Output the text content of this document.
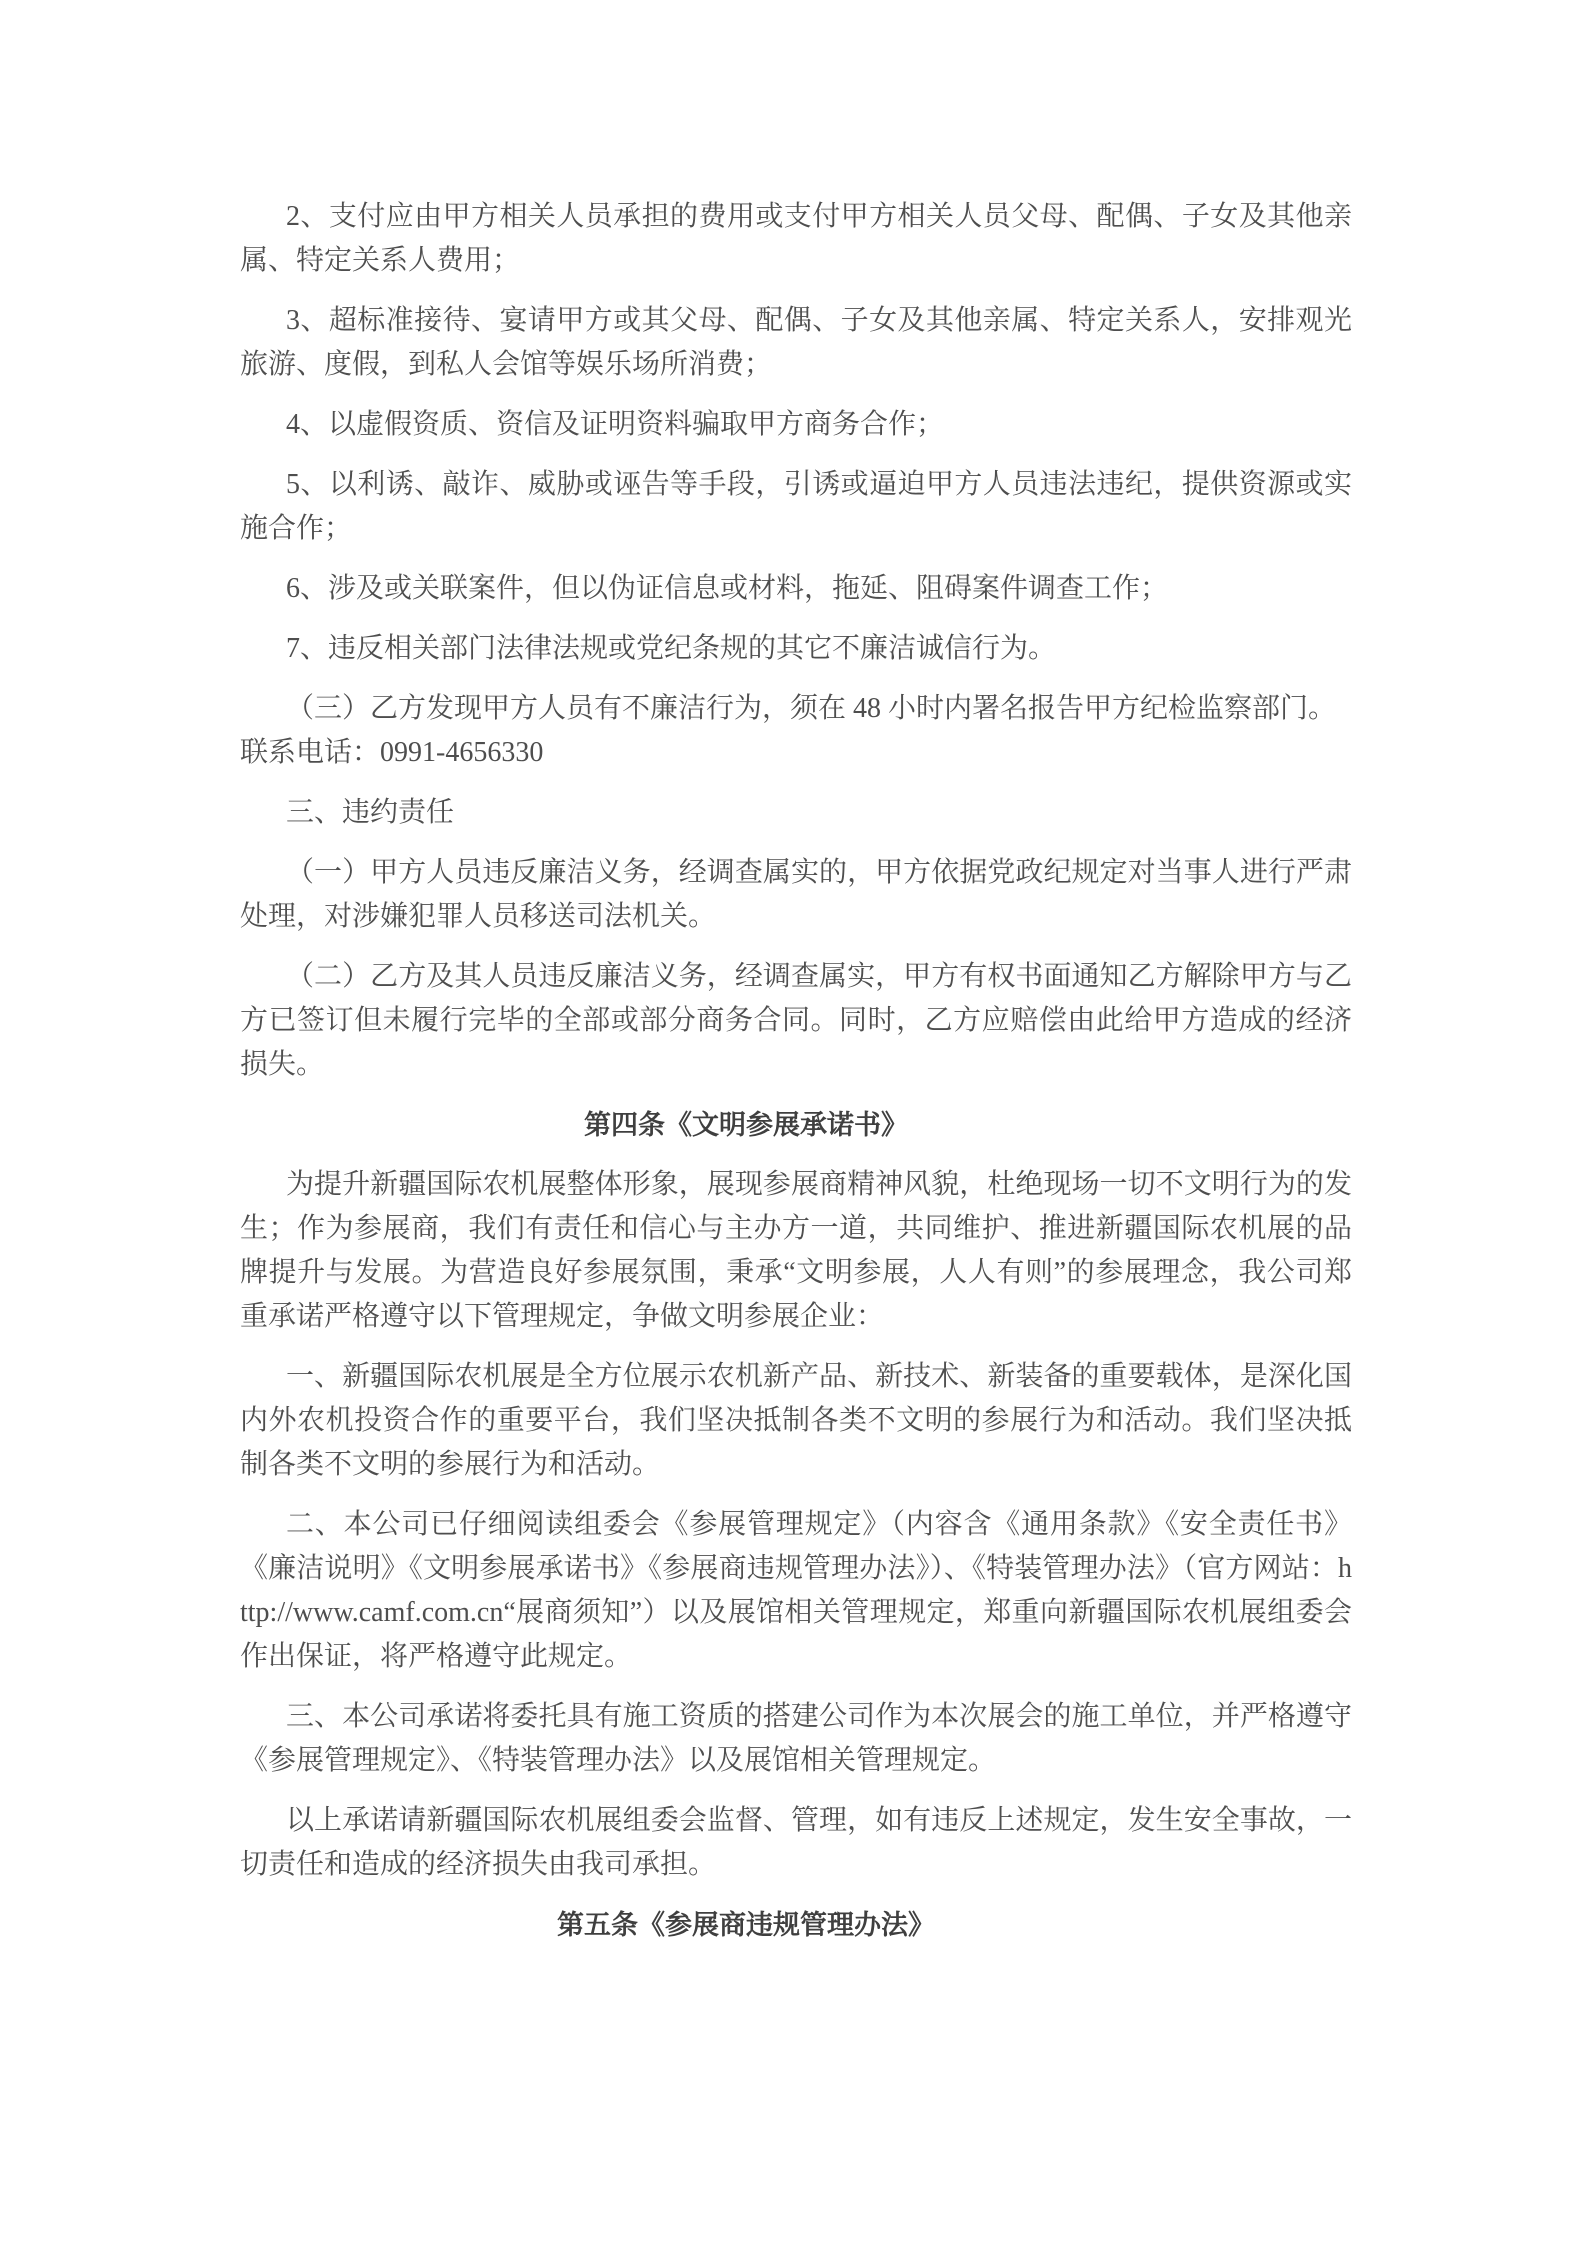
2、支付应由甲方相关人员承担的费用或支付甲方相关人员父母、配偶、子女及其他亲属、特定关系人费用；

3、超标准接待、宴请甲方或其父母、配偶、子女及其他亲属、特定关系人，安排观光旅游、度假，到私人会馆等娱乐场所消费；

4、以虚假资质、资信及证明资料骗取甲方商务合作；

5、以利诱、敲诈、威胁或诬告等手段，引诱或逼迫甲方人员违法违纪，提供资源或实施合作；

6、涉及或关联案件，但以伪证信息或材料，拖延、阻碍案件调查工作；

7、违反相关部门法律法规或党纪条规的其它不廉洁诚信行为。

（三）乙方发现甲方人员有不廉洁行为，须在 48 小时内署名报告甲方纪检监察部门。

联系电话：0991-4656330

三、违约责任

（一）甲方人员违反廉洁义务，经调查属实的，甲方依据党政纪规定对当事人进行严肃处理，对涉嫌犯罪人员移送司法机关。

（二）乙方及其人员违反廉洁义务，经调查属实，甲方有权书面通知乙方解除甲方与乙方已签订但未履行完毕的全部或部分商务合同。同时，乙方应赔偿由此给甲方造成的经济损失。

第四条《文明参展承诺书》

为提升新疆国际农机展整体形象，展现参展商精神风貌，杜绝现场一切不文明行为的发生；作为参展商，我们有责任和信心与主办方一道，共同维护、推进新疆国际农机展的品牌提升与发展。为营造良好参展氛围，秉承“文明参展，人人有则”的参展理念，我公司郑重承诺严格遵守以下管理规定，争做文明参展企业：

一、新疆国际农机展是全方位展示农机新产品、新技术、新装备的重要载体，是深化国内外农机投资合作的重要平台，我们坚决抵制各类不文明的参展行为和活动。我们坚决抵制各类不文明的参展行为和活动。

二、本公司已仔细阅读组委会《参展管理规定》（内容含《通用条款》《安全责任书》《廉洁说明》《文明参展承诺书》《参展商违规管理办法》）、《特装管理办法》（官方网站：http://www.camf.com.cn“展商须知”）以及展馆相关管理规定，郑重向新疆国际农机展组委会作出保证，将严格遵守此规定。

三、本公司承诺将委托具有施工资质的搭建公司作为本次展会的施工单位，并严格遵守《参展管理规定》、《特装管理办法》以及展馆相关管理规定。

以上承诺请新疆国际农机展组委会监督、管理，如有违反上述规定，发生安全事故，一切责任和造成的经济损失由我司承担。

第五条《参展商违规管理办法》
